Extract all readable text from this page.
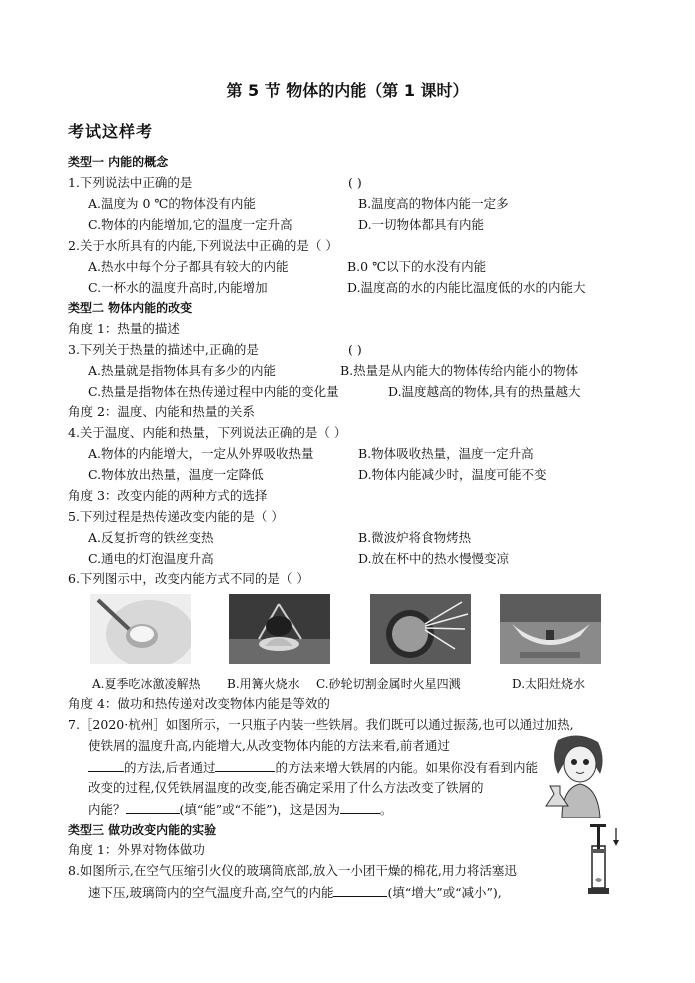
第 5 节 物体的内能（第 1 课时）
考试这样考
类型一 内能的概念
1.下列说法中正确的是	( )
A.温度为 0 ℃的物体没有内能	B.温度高的物体内能一定多
C.物体的内能增加,它的温度一定升高	D.一切物体都具有内能
2.关于水所具有的内能,下列说法中正确的是（ ）
A.热水中每个分子都具有较大的内能	B.0 ℃以下的水没有内能
C.一杯水的温度升高时,内能增加	D.温度高的水的内能比温度低的水的内能大
类型二 物体内能的改变
角度 1：热量的描述
3.下列关于热量的描述中,正确的是	( )
A.热量就是指物体具有多少的内能	B.热量是从内能大的物体传给内能小的物体
C.热量是指物体在热传递过程中内能的变化量	D.温度越高的物体,具有的热量越大
角度 2：温度、内能和热量的关系
4.关于温度、内能和热量，下列说法正确的是（ ）
A.物体的内能增大，一定从外界吸收热量	B.物体吸收热量，温度一定升高
C.物体放出热量，温度一定降低	D.物体内能减少时，温度可能不变
角度 3：改变内能的两种方式的选择
5.下列过程是热传递改变内能的是（ ）
A.反复折弯的铁丝变热	B.微波炉将食物烤热
C.通电的灯泡温度升高	D.放在杯中的热水慢慢变凉
6.下列图示中，改变内能方式不同的是（ ）
A.夏季吃冰激凌解热 B.用篝火烧水 C.砂轮切割金属时火星四溅	D.太阳灶烧水
角度 4：做功和热传递对改变物体内能是等效的
7.［2020·杭州］如图所示，一只瓶子内装一些铁屑。我们既可以通过振荡,也可以通过加热,
使铁屑的温度升高,内能增大,从改变物体内能的方法来看,前者通过
的方法,后者通过	的方法来增大铁屑的内能。如果你没有看到内能
改变的过程,仅凭铁屑温度的改变,能否确定采用了什么方法改变了铁屑的
内能？	(填“能”或“不能”)，这是因为	。
类型三 做功改变内能的实验
角度 1：外界对物体做功
8.如图所示,在空气压缩引火仪的玻璃筒底部,放入一小团干燥的棉花,用力将活塞迅
速下压,玻璃筒内的空气温度升高,空气的内能	(填“增大”或“减小”),
